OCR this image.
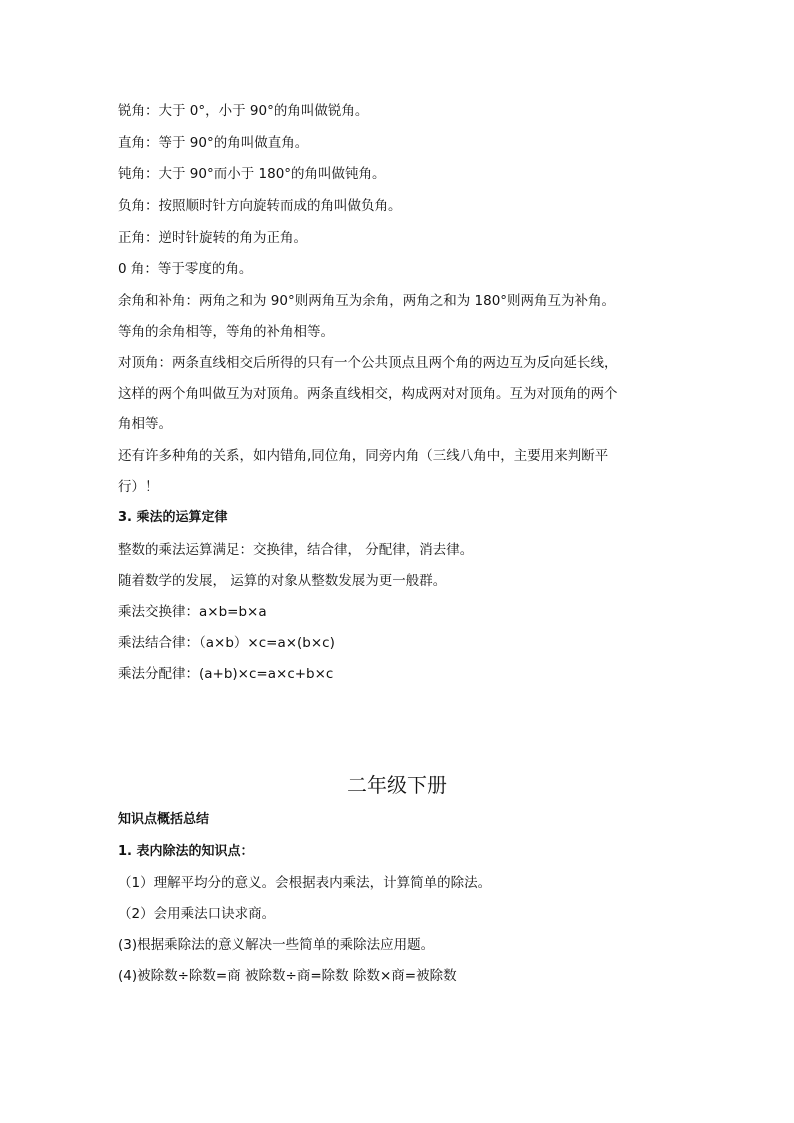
锐角：大于 0°，小于 90°的角叫做锐角。
直角：等于 90°的角叫做直角。
钝角：大于 90°而小于 180°的角叫做钝角。
负角：按照顺时针方向旋转而成的角叫做负角。
正角：逆时针旋转的角为正角。
0 角：等于零度的角。
余角和补角：两角之和为 90°则两角互为余角，两角之和为 180°则两角互为补角。
等角的余角相等，等角的补角相等。
对顶角：两条直线相交后所得的只有一个公共顶点且两个角的两边互为反向延长线，
这样的两个角叫做互为对顶角。两条直线相交，构成两对对顶角。互为对顶角的两个
角相等。
还有许多种角的关系，如内错角,同位角，同旁内角（三线八角中，主要用来判断平
行）！
3. 乘法的运算定律
整数的乘法运算满足：交换律，结合律， 分配律，消去律。
随着数学的发展， 运算的对象从整数发展为更一般群。
乘法交换律：a×b=b×a
乘法结合律：（a×b）×c=a×(b×c)
乘法分配律：(a+b)×c=a×c+b×c
二年级下册
知识点概括总结
1. 表内除法的知识点：
（1）理解平均分的意义。会根据表内乘法，计算简单的除法。
（2）会用乘法口诀求商。
(3)根据乘除法的意义解决一些简单的乘除法应用题。
(4)被除数÷除数=商 被除数÷商=除数 除数×商=被除数
